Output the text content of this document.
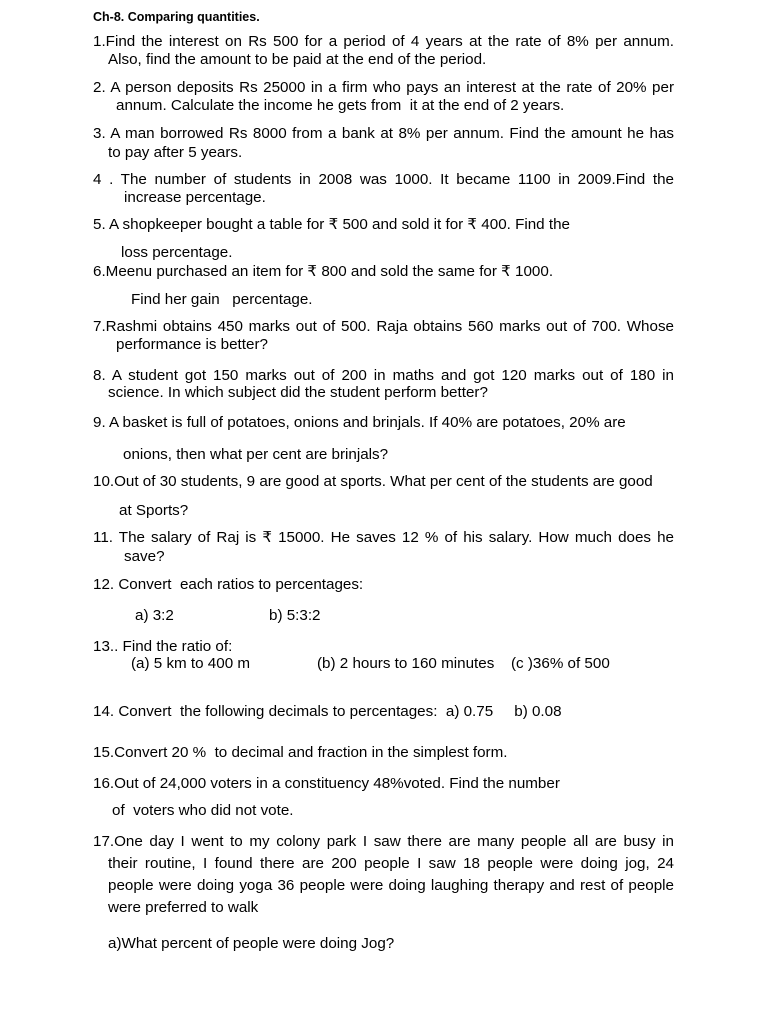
Ch-8. Comparing quantities.
1.Find the interest on Rs 500 for a period of 4 years at the rate of 8% per annum.
Also, find the amount to be paid at the end of the period.
2. A person deposits Rs 25000 in a firm who pays an interest at the rate of 20% per
annum. Calculate the income he gets from  it at the end of 2 years.
3. A man borrowed Rs 8000 from a bank at 8% per annum. Find the amount he has
to pay after 5 years.
4 . The number of students in 2008 was 1000. It became 1100 in 2009.Find the
increase percentage.
5. A shopkeeper bought a table for ₹ 500 and sold it for ₹ 400. Find the
loss percentage.
6.Meenu purchased an item for ₹ 800 and sold the same for ₹ 1000.
Find her gain   percentage.
7.Rashmi obtains 450 marks out of 500. Raja obtains 560 marks out of 700. Whose
performance is better?
8. A student got 150 marks out of 200 in maths and got 120 marks out of 180 in
science. In which subject did the student perform better?
9. A basket is full of potatoes, onions and brinjals. If 40% are potatoes, 20% are
onions, then what per cent are brinjals?
10.Out of 30 students, 9 are good at sports. What per cent of the students are good
at Sports?
11. The salary of Raj is ₹ 15000. He saves 12 % of his salary. How much does he
save?
12. Convert  each ratios to percentages:
a) 3:2	b) 5:3:2
13.. Find the ratio of:
(a) 5 km to 400 m	(b) 2 hours to 160 minutes (c )36% of 500
14. Convert  the following decimals to percentages:  a) 0.75     b) 0.08
15.Convert 20 %  to decimal and fraction in the simplest form.
16.Out of 24,000 voters in a constituency 48%voted. Find the number
of  voters who did not vote.
17.One day I went to my colony park I saw there are many people all are busy in
their routine, I found there are 200 people I saw 18 people were doing jog, 24
people were doing yoga 36 people were doing laughing therapy and rest of people
were preferred to walk
a)What percent of people were doing Jog?
